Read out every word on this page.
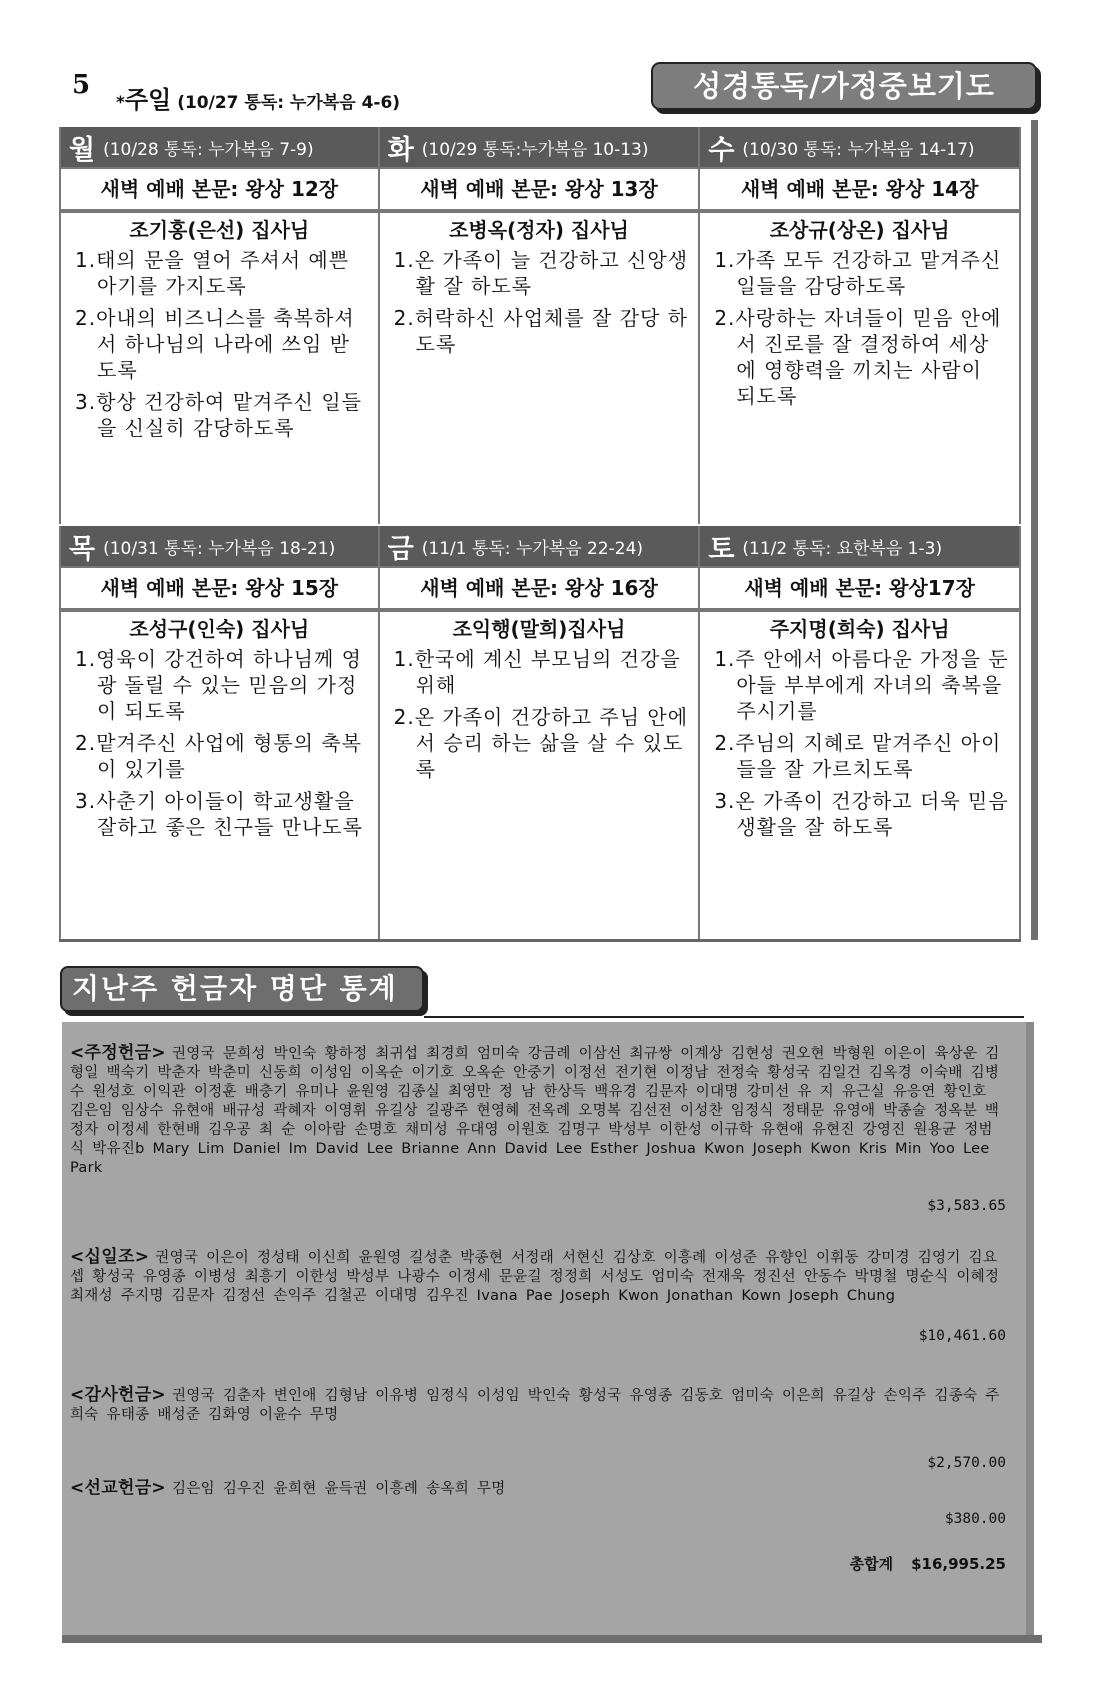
5
*주일 (10/27 통독: 누가복음 4-6)	성경통독/가정중보기도
월 (10/28 통독: 누가복음 7-9)
새벽 예배 본문: 왕상 12장
조기홍(은선) 집사님
1.태의 문을 열어 주셔서 예쁜 아기를 가지도록
2.아내의 비즈니스를 축복하셔서 하나님의 나라에 쓰임 받도록
3.항상 건강하여 맡겨주신 일들을 신실히 감당하도록
화 (10/29 통독:누가복음 10-13)
새벽 예배 본문: 왕상 13장
조병옥(정자) 집사님
1.온 가족이 늘 건강하고 신앙생활 잘 하도록
2.허락하신 사업체를 잘 감당 하도록
수 (10/30 통독: 누가복음 14-17)
새벽 예배 본문: 왕상 14장
조상규(상온) 집사님
1.가족 모두 건강하고 맡겨주신 일들을 감당하도록
2.사랑하는 자녀들이 믿음 안에서 진로를 잘 결정하여 세상에 영향력을 끼치는 사람이 되도록
목 (10/31 통독: 누가복음 18-21)
새벽 예배 본문: 왕상 15장
조성구(인숙) 집사님
1.영육이 강건하여 하나님께 영광 돌릴 수 있는 믿음의 가정이 되도록
2.맡겨주신 사업에 형통의 축복이 있기를
3.사춘기 아이들이 학교생활을 잘하고 좋은 친구들 만나도록
금 (11/1 통독: 누가복음 22-24)
새벽 예배 본문: 왕상 16장
조익행(말희)집사님
1.한국에 계신 부모님의 건강을 위해
2.온 가족이 건강하고 주님 안에서 승리 하는 삶을 살 수 있도록
토 (11/2 통독: 요한복음 1-3)
새벽 예배 본문: 왕상17장
주지명(희숙) 집사님
1.주 안에서 아름다운 가정을 둔 아들 부부에게 자녀의 축복을 주시기를
2.주님의 지혜로 맡겨주신 아이들을 잘 가르치도록
3.온 가족이 건강하고 더욱 믿음 생활을 잘 하도록
지난주 헌금자 명단 통계
<주정헌금> 권영국 문희성 박인숙 황하정 최귀섭 최경희 엄미숙 강금례 이삼선 최규쌍 이계상 김현성 권오현 박형원 이은이 육상운 김형일 백숙기 박춘자 박춘미 신동희 이성임 이옥순 이기호 오옥순 안중기 이정선 전기현 이정남 전정숙 황성국 김일건 김옥경 이숙배 김병수 원성호 이익관 이정훈 배충기 유미나 윤원영 김종실 최영만 정 남 한상득 백유경 김문자 이대명 강미선 유 지 유근실 유응연 황인호 김은임 임상수 유현애 배규성 곽혜자 이영휘 유길상 길광주 현영혜 전옥례 오명복 김선전 이성찬 임정식 정태문 유영애 박종술 정옥분 백정자 이정세 한현배 김우공 최 순 이아람 손명호 채미성 유대영 이원호 김명구 박성부 이한성 이규학 유현애 유현진 강영진 원용균 정범식 박유진b Mary Lim Daniel Im David Lee Brianne Ann David Lee Esther Joshua Kwon Joseph Kwon Kris Min Yoo Lee Park
$3,583.65
<십일조> 권영국 이은이 정성태 이신희 윤원영 길성춘 박종현 서정래 서현신 김상호 이흥례 이성준 유향인 이휘동 강미경 김영기 김요셉 황성국 유영종 이병성 최흥기 이한성 박성부 나광수 이정세 문윤길 정정희 서성도 엄미숙 전재욱 정진선 안동수 박명철 명순식 이혜정 최재성 주지명 김문자 김정선 손익주 김철곤 이대명 김우진 Ivana Pae Joseph Kwon Jonathan Kown Joseph Chung
$10,461.60
<감사헌금> 권영국 김춘자 변인애 김형남 이유병 임정식 이성임 박인숙 황성국 유영종 김동호 엄미숙 이은희 유길상 손익주 김종숙 주희숙 유태종 배성준 김화영 이윤수 무명
$2,570.00
<선교헌금> 김은임 김우진 윤희현 윤득권 이흥례 송옥희 무명
$380.00
총합계 $16,995.25
